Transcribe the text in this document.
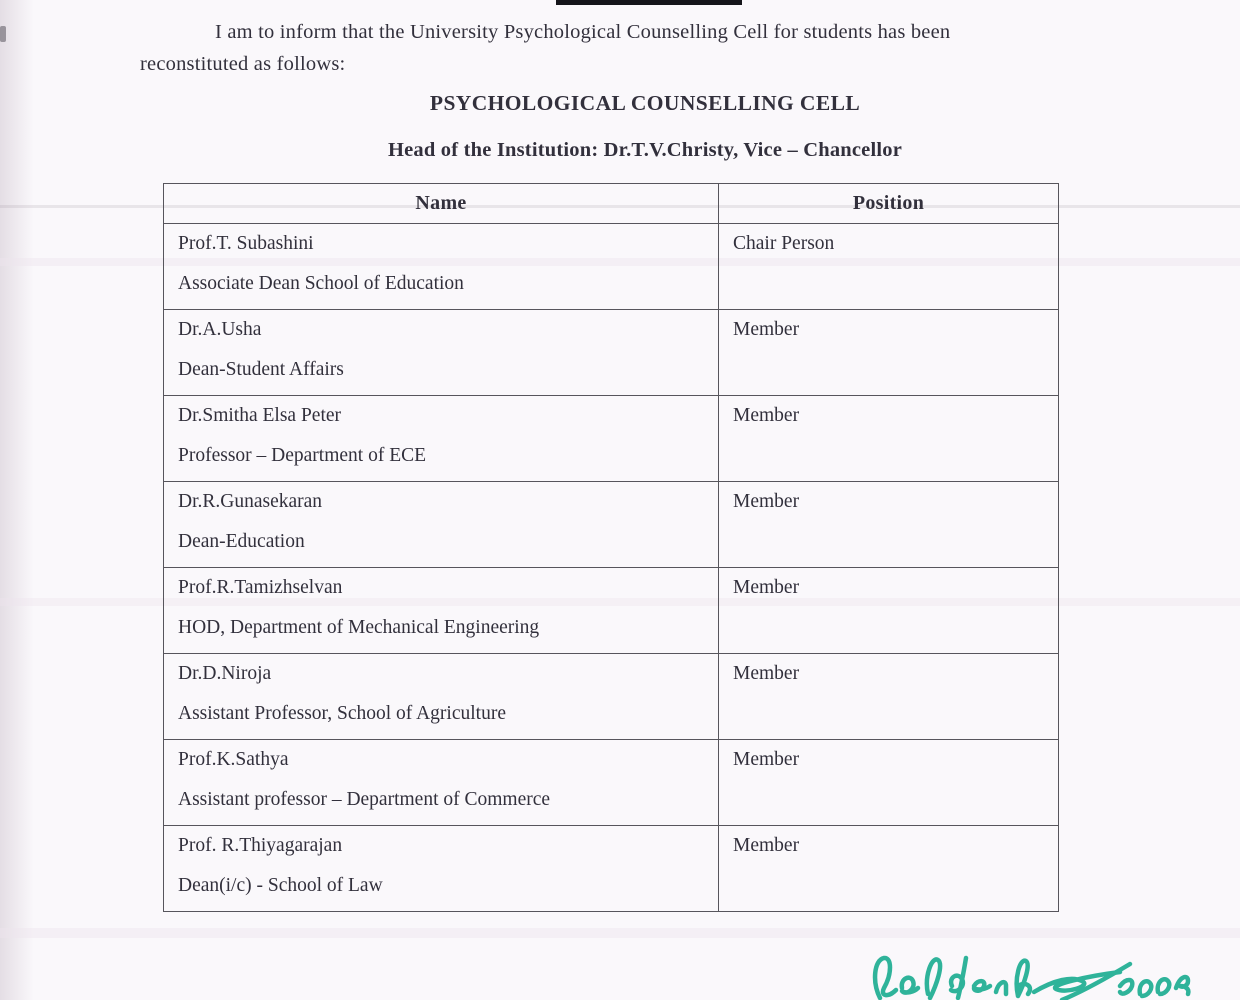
I am to inform that the University Psychological Counselling Cell for students has been
reconstituted as follows:
PSYCHOLOGICAL COUNSELLING CELL
Head of the Institution: Dr.T.V.Christy, Vice – Chancellor
Name	Position

Prof.T. Subashini
Associate Dean School of Education	Chair Person

Dr.A.Usha
Dean-Student Affairs	Member

Dr.Smitha Elsa Peter
Professor – Department of ECE	Member

Dr.R.Gunasekaran
Dean-Education	Member

Prof.R.Tamizhselvan
HOD, Department of Mechanical Engineering	Member

Dr.D.Niroja
Assistant Professor, School of Agriculture	Member

Prof.K.Sathya
Assistant professor – Department of Commerce	Member

Prof. R.Thiyagarajan
Dean(i/c) - School of Law	Member
